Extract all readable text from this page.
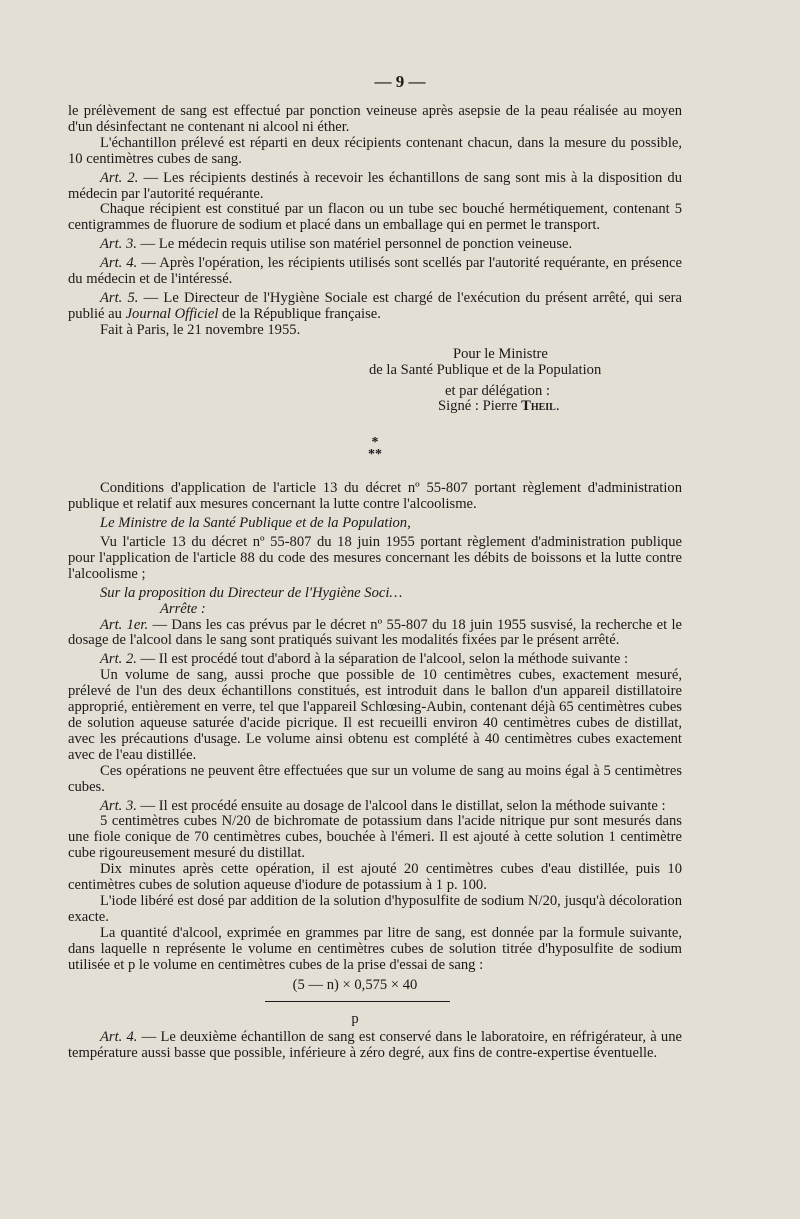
— 9 —

le prélèvement de sang est effectué par ponction veineuse après asepsie de la peau réalisée au moyen d'un désinfectant ne contenant ni alcool ni éther.

L'échantillon prélevé est réparti en deux récipients contenant chacun, dans la mesure du possible, 10 centimètres cubes de sang.

Art. 2. — Les récipients destinés à recevoir les échantillons de sang sont mis à la disposition du médecin par l'autorité requérante.

Chaque récipient est constitué par un flacon ou un tube sec bouché hermétiquement, contenant 5 centigrammes de fluorure de sodium et placé dans un emballage qui en permet le transport.

Art. 3. — Le médecin requis utilise son matériel personnel de ponction veineuse.

Art. 4. — Après l'opération, les récipients utilisés sont scellés par l'autorité requérante, en présence du médecin et de l'intéressé.

Art. 5. — Le Directeur de l'Hygiène Sociale est chargé de l'exécution du présent arrêté, qui sera publié au Journal Officiel de la République française.

Fait à Paris, le 21 novembre 1955.

Pour le Ministre

de la Santé Publique et de la Population

et par délégation :

Signé : Pierre Theil.

*
**

Conditions d'application de l'article 13 du décret nº 55-807 portant règlement d'administration publique et relatif aux mesures concernant la lutte contre l'alcoolisme.

Le Ministre de la Santé Publique et de la Population,

Vu l'article 13 du décret nº 55-807 du 18 juin 1955 portant règlement d'administration publique pour l'application de l'article 88 du code des mesures concernant les débits de boissons et la lutte contre l'alcoolisme ;

Sur la proposition du Directeur de l'Hygiène Soci…

Arrête :

Art. 1er. — Dans les cas prévus par le décret nº 55-807 du 18 juin 1955 susvisé, la recherche et le dosage de l'alcool dans le sang sont pratiqués suivant les modalités fixées par le présent arrêté.

Art. 2. — Il est procédé tout d'abord à la séparation de l'alcool, selon la méthode suivante :

Un volume de sang, aussi proche que possible de 10 centimètres cubes, exactement mesuré, prélevé de l'un des deux échantillons constitués, est introduit dans le ballon d'un appareil distillatoire approprié, entièrement en verre, tel que l'appareil Schlœsing-Aubin, contenant déjà 65 centimètres cubes de solution aqueuse saturée d'acide picrique. Il est recueilli environ 40 centimètres cubes de distillat, avec les précautions d'usage. Le volume ainsi obtenu est complété à 40 centimètres cubes exactement avec de l'eau distillée.

Ces opérations ne peuvent être effectuées que sur un volume de sang au moins égal à 5 centimètres cubes.

Art. 3. — Il est procédé ensuite au dosage de l'alcool dans le distillat, selon la méthode suivante :

5 centimètres cubes N/20 de bichromate de potassium dans l'acide nitrique pur sont mesurés dans une fiole conique de 70 centimètres cubes, bouchée à l'émeri. Il est ajouté à cette solution 1 centimètre cube rigoureusement mesuré du distillat.

Dix minutes après cette opération, il est ajouté 20 centimètres cubes d'eau distillée, puis 10 centimètres cubes de solution aqueuse d'iodure de potassium à 1 p. 100.

L'iode libéré est dosé par addition de la solution d'hyposulfite de sodium N/20, jusqu'à décoloration exacte.

La quantité d'alcool, exprimée en grammes par litre de sang, est donnée par la formule suivante, dans laquelle n représente le volume en centimètres cubes de solution titrée d'hyposulfite de sodium utilisée et p le volume en centimètres cubes de la prise d'essai de sang :

(5 — n) × 0,575 × 40
p

Art. 4. — Le deuxième échantillon de sang est conservé dans le laboratoire, en réfrigérateur, à une température aussi basse que possible, inférieure à zéro degré, aux fins de contre-expertise éventuelle.
